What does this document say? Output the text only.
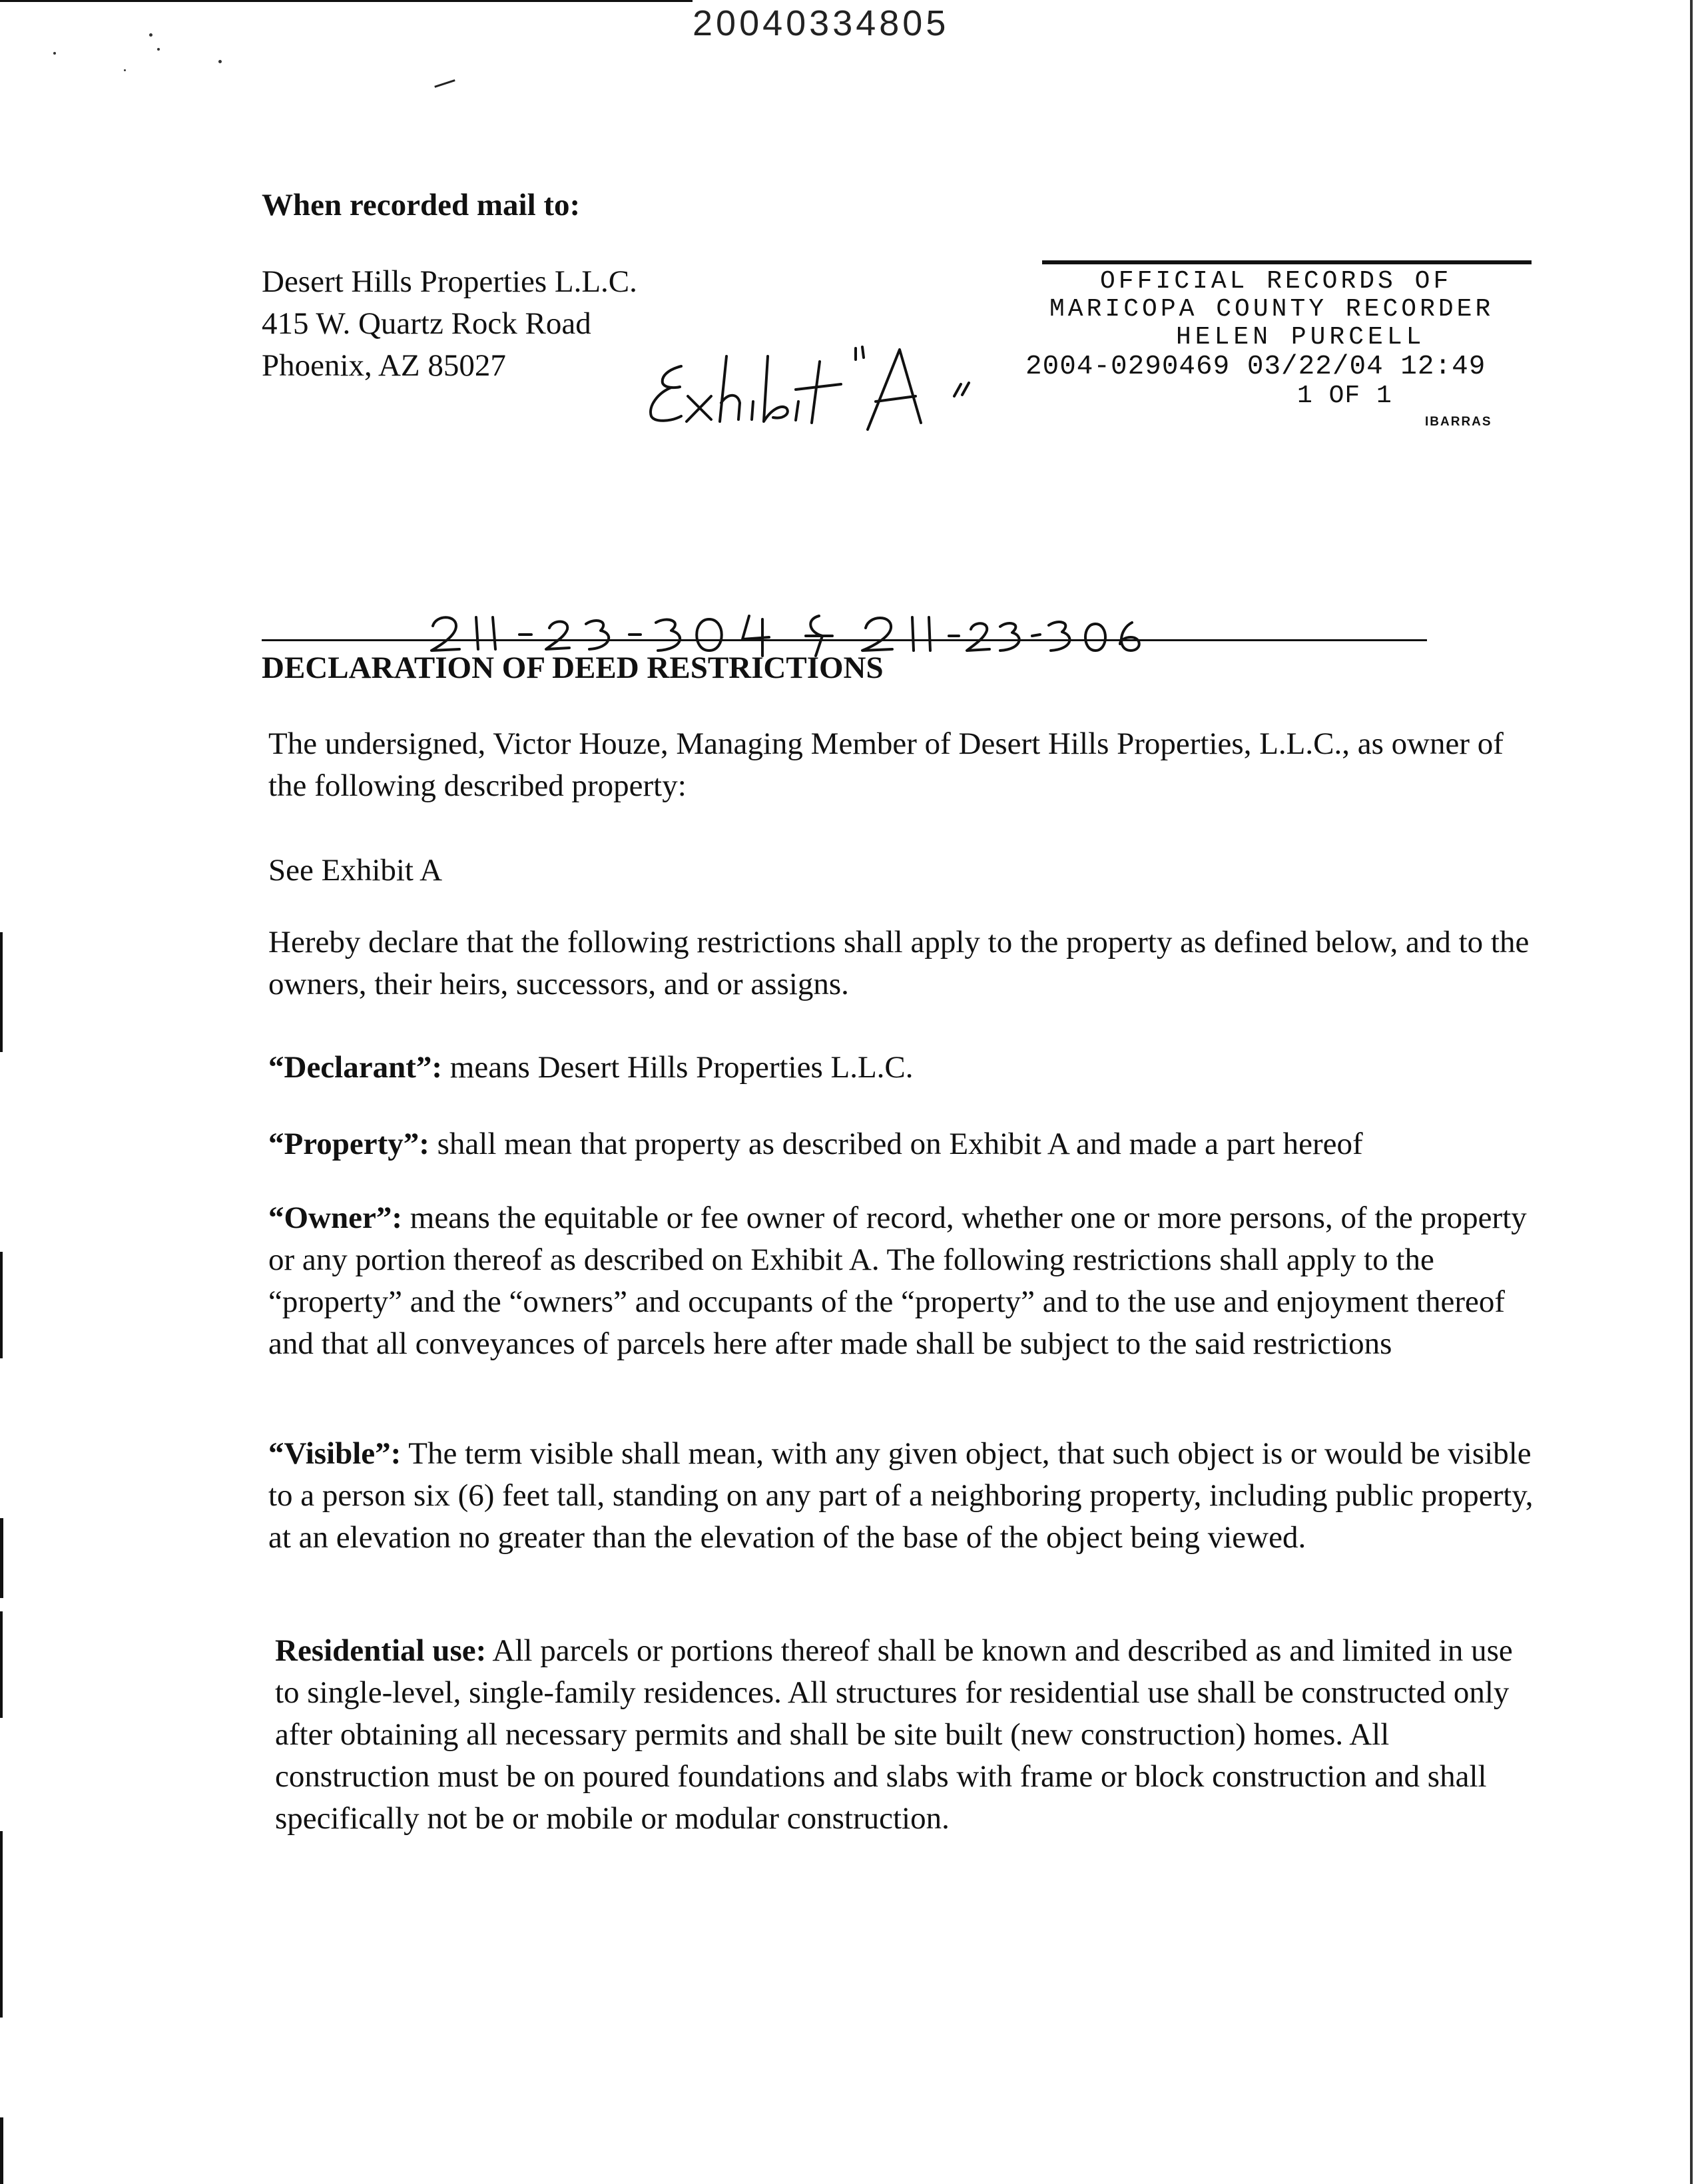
20040334805
When recorded mail to:
Desert Hills Properties L.L.C.
415 W. Quartz Rock Road
Phoenix, AZ 85027
OFFICIAL RECORDS OF
MARICOPA COUNTY RECORDER
HELEN PURCELL
2004-0290469 03/22/04 12:49
1 OF 1
IBARRAS
DECLARATION OF DEED RESTRICTIONS
The undersigned, Victor Houze, Managing Member of Desert Hills Properties, L.L.C., as owner of the following described property:
See Exhibit A
Hereby declare that the following restrictions shall apply to the property as defined below, and to the owners, their heirs, successors, and or assigns.
“Declarant”: means Desert Hills Properties L.L.C.
“Property”: shall mean that property as described on Exhibit A and made a part hereof
“Owner”: means the equitable or fee owner of record, whether one or more persons, of the property or any portion thereof as described on Exhibit A. The following restrictions shall apply to the “property” and the “owners” and occupants of the “property” and to the use and enjoyment thereof and that all conveyances of parcels here after made shall be subject to the said restrictions
“Visible”: The term visible shall mean, with any given object, that such object is or would be visible to a person six (6) feet tall, standing on any part of a neighboring property, including public property, at an elevation no greater than the elevation of the base of the object being viewed.
Residential use: All parcels or portions thereof shall be known and described as and limited in use to single-level, single-family residences. All structures for residential use shall be constructed only after obtaining all necessary permits and shall be site built (new construction) homes. All construction must be on poured foundations and slabs with frame or block construction and shall specifically not be or mobile or modular construction.
